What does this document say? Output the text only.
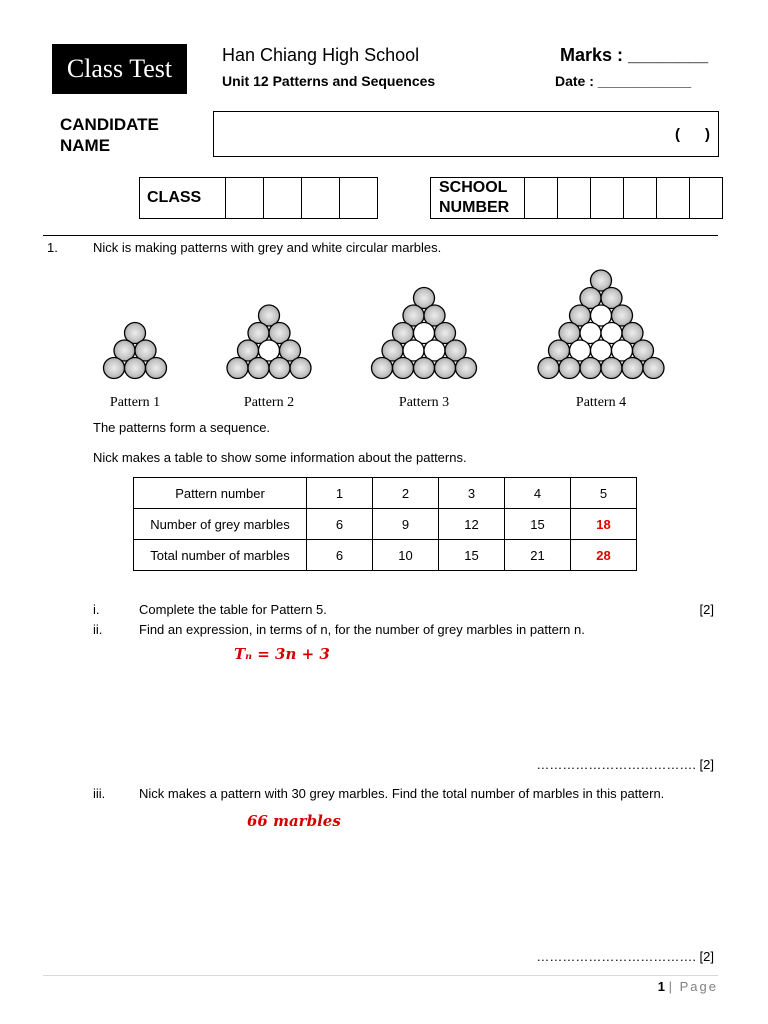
Class Test	Han Chiang High School
Unit 12 Patterns and Sequences
Marks : ________
Date : ____________
CANDIDATE
NAME
(      )
CLASS				
SCHOOL
NUMBER

1.	Nick is making patterns with grey and white circular marbles.
Pattern 1	Pattern 2	Pattern 3	Pattern 4
The patterns form a sequence.
Nick makes a table to show some information about the patterns.
Pattern number	1	2	3	4	5
Number of grey marbles	6	9	12	15	18
Total number of marbles	6	10	15	21	28
i.	Complete the table for Pattern 5.	[2]
ii.	Find an expression, in terms of n, for the number of grey marbles in pattern n.
Tₙ = 3n + 3
………………………………. [2]
iii.	Nick makes a pattern with 30 grey marbles. Find the total number of marbles in this pattern.
66 marbles
………………………………. [2]
1 | Page
